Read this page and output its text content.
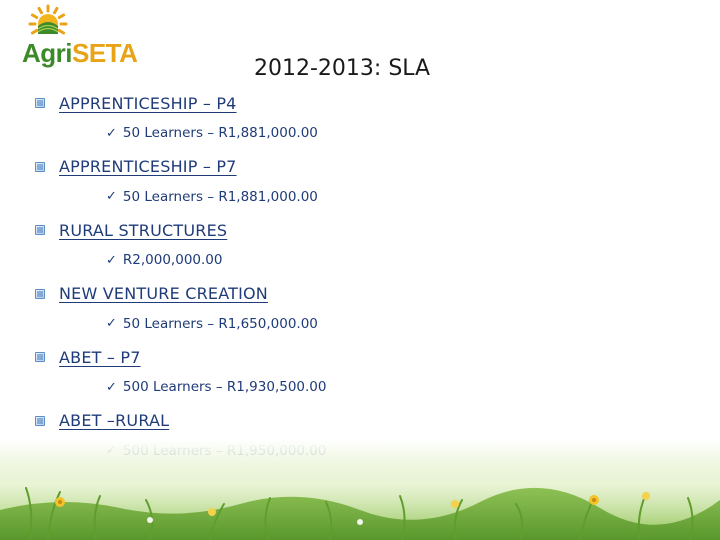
AgriSETA
2012-2013: SLA
APPRENTICESHIP – P4
✓ 50 Learners – R1,881,000.00
APPRENTICESHIP – P7
✓ 50 Learners – R1,881,000.00
RURAL STRUCTURES
✓ R2,000,000.00
NEW VENTURE CREATION
✓ 50 Learners – R1,650,000.00
ABET – P7
✓ 500 Learners – R1,930,500.00
ABET –RURAL
